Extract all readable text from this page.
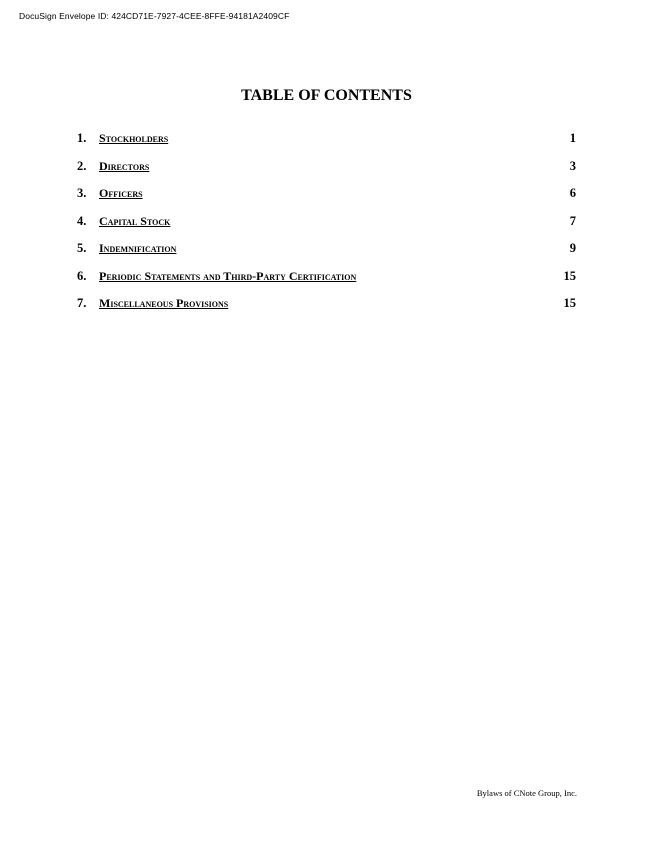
DocuSign Envelope ID: 424CD71E-7927-4CEE-8FFE-94181A2409CF
TABLE OF CONTENTS
1. Stockholders	1
2. Directors	3
3. Officers	6
4. Capital Stock	7
5. Indemnification	9
6. Periodic Statements and Third-Party Certification	15
7. Miscellaneous Provisions	15
Bylaws of CNote Group, Inc.
